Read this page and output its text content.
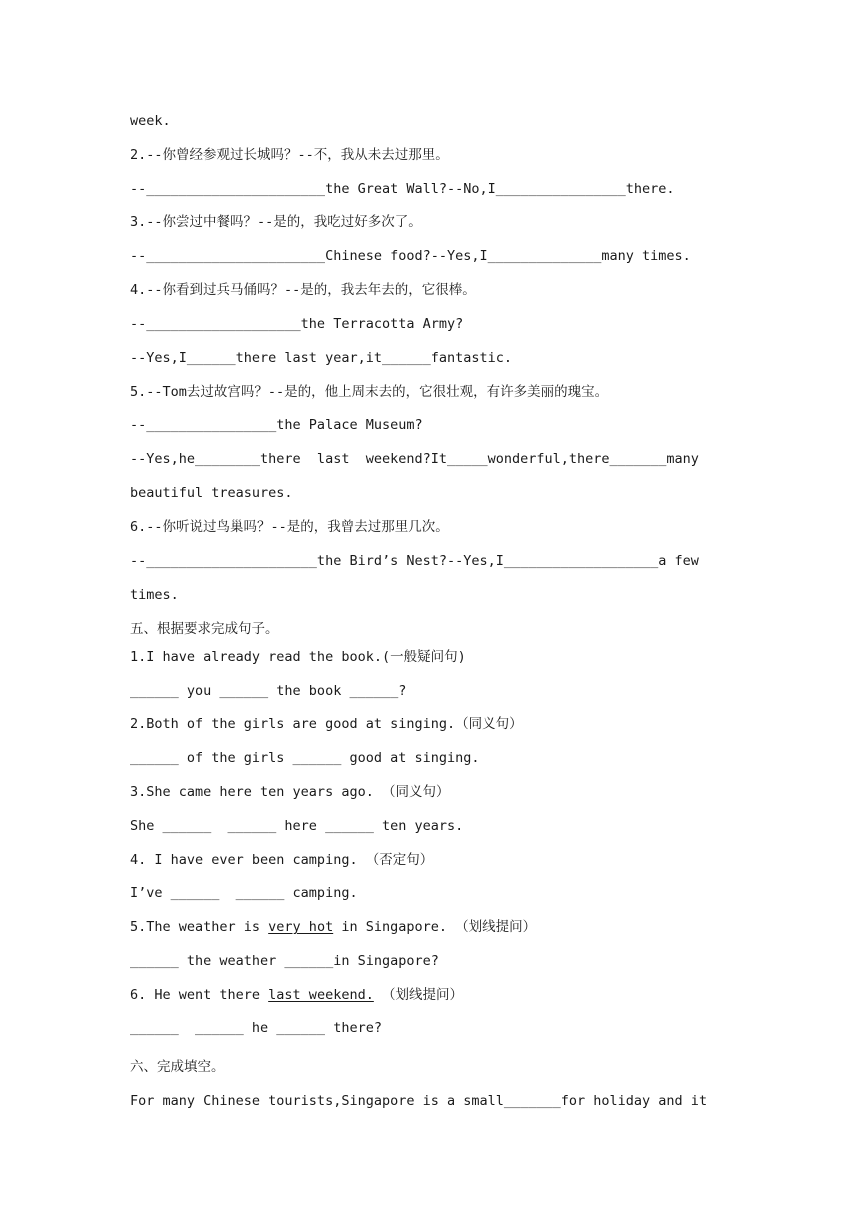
week.
2.--你曾经参观过长城吗？--不，我从未去过那里。
--______________________the Great Wall?--No,I________________there.
3.--你尝过中餐吗？--是的，我吃过好多次了。
--______________________Chinese food?--Yes,I______________many times.
4.--你看到过兵马俑吗？--是的，我去年去的，它很棒。
--___________________the Terracotta Army?
--Yes,I______there last year,it______fantastic.
5.--Tom去过故宫吗？--是的，他上周末去的，它很壮观，有许多美丽的瑰宝。
--________________the Palace Museum?
--Yes,he________there  last  weekend?It_____wonderful,there_______many
beautiful treasures.
6.--你听说过鸟巢吗？--是的，我曾去过那里几次。
--_____________________the Bird’s Nest?--Yes,I___________________a few
times.
五、根据要求完成句子。
1.I have already read the book.(一般疑问句)
______ you ______ the book ______?
2.Both of the girls are good at singing.（同义句）
______ of the girls ______ good at singing.
3.She came here ten years ago. （同义句）
She ______  ______ here ______ ten years.
4. I have ever been camping. （否定句）
I’ve ______  ______ camping.
5.The weather is very hot in Singapore. （划线提问）
______ the weather ______in Singapore?
6. He went there last weekend. （划线提问）
______  ______ he ______ there?
六、完成填空。
For many Chinese tourists,Singapore is a small_______for holiday and it
